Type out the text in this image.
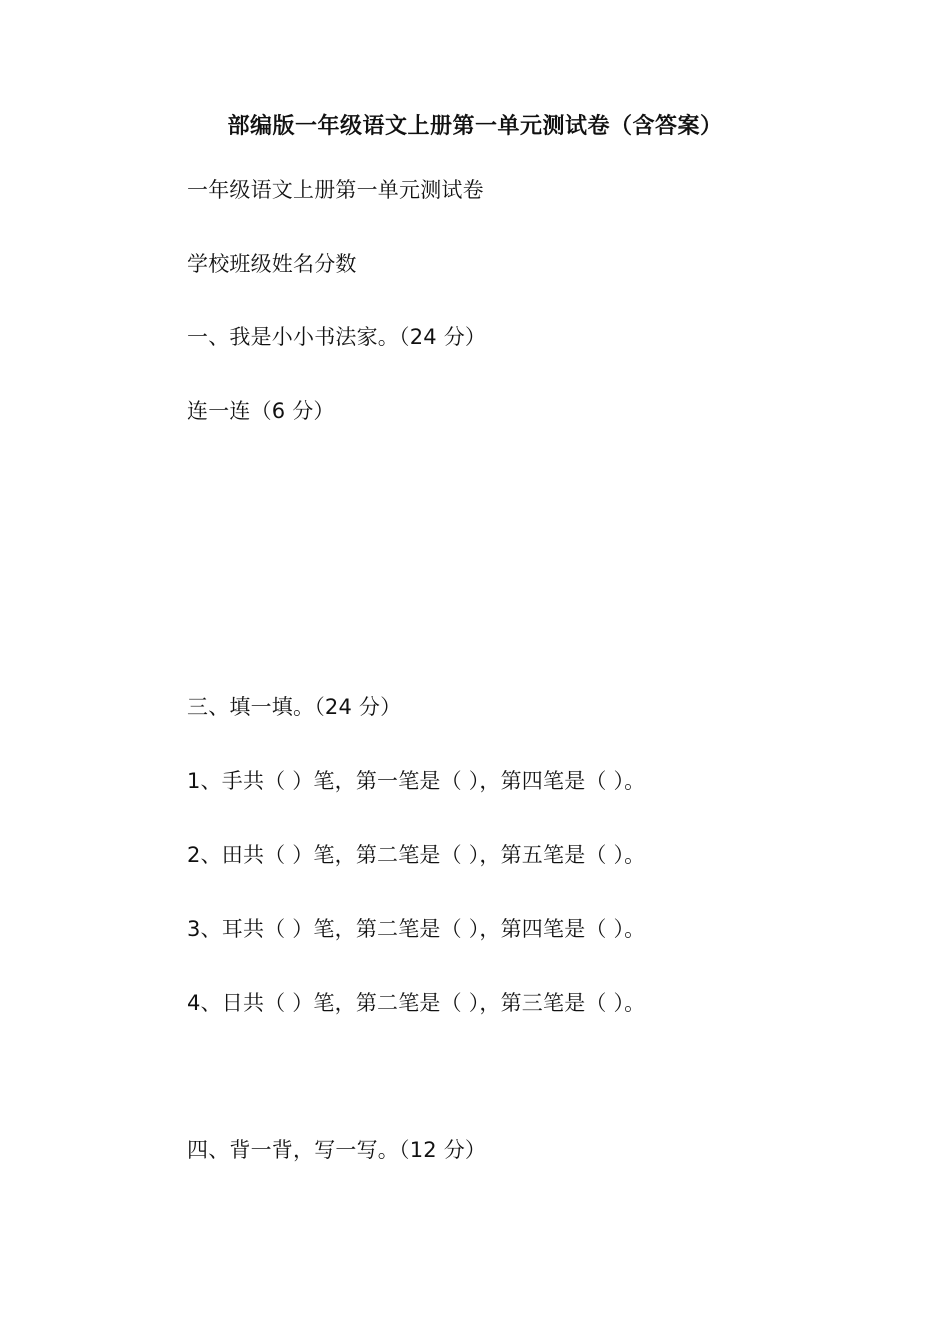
部编版一年级语文上册第一单元测试卷（含答案）
一年级语文上册第一单元测试卷
学校班级姓名分数
一、我是小小书法家。（24 分）
连一连（6 分）
三、填一填。（24 分）
1、手共（ ）笔，第一笔是（ ），第四笔是（ ）。
2、田共（ ）笔，第二笔是（ ），第五笔是（ ）。
3、耳共（ ）笔，第二笔是（ ），第四笔是（ ）。
4、日共（ ）笔，第二笔是（ ），第三笔是（ ）。
四、背一背，写一写。（12 分）
